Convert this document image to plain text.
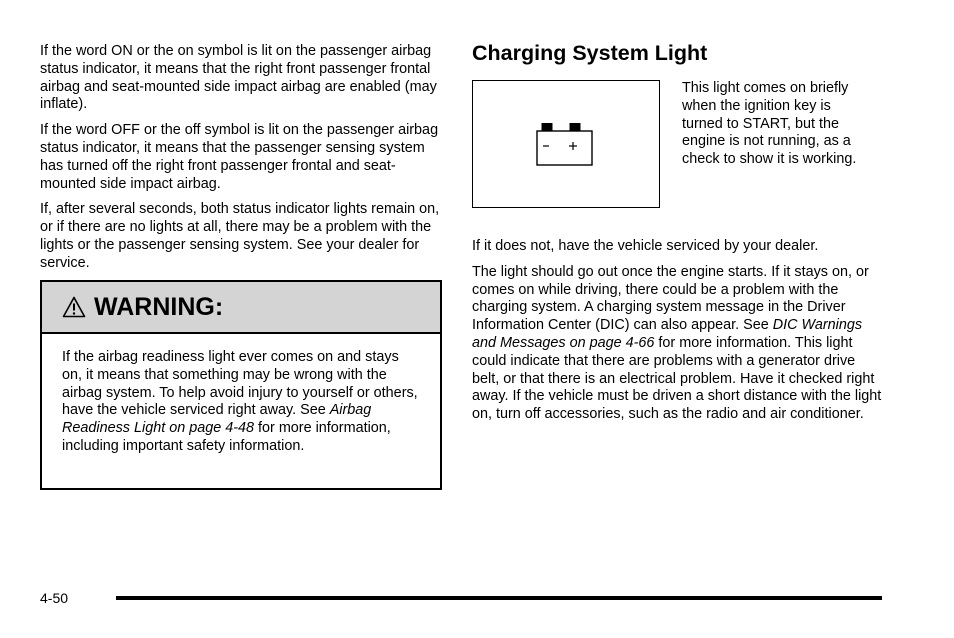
If the word ON or the on symbol is lit on the passenger airbag status indicator, it means that the right front passenger frontal airbag and seat-mounted side impact airbag are enabled (may inflate).

If the word OFF or the off symbol is lit on the passenger airbag status indicator, it means that the passenger sensing system has turned off the right front passenger frontal and seat-mounted side impact airbag.

If, after several seconds, both status indicator lights remain on, or if there are no lights at all, there may be a problem with the lights or the passenger sensing system. See your dealer for service.

WARNING:

If the airbag readiness light ever comes on and stays on, it means that something may be wrong with the airbag system. To help avoid injury to yourself or others, have the vehicle serviced right away. See Airbag Readiness Light on page 4-48 for more information, including important safety information.

Charging System Light

This light comes on briefly when the ignition key is turned to START, but the engine is not running, as a check to show it is working.

If it does not, have the vehicle serviced by your dealer.

The light should go out once the engine starts. If it stays on, or comes on while driving, there could be a problem with the charging system. A charging system message in the Driver Information Center (DIC) can also appear. See DIC Warnings and Messages on page 4-66 for more information. This light could indicate that there are problems with a generator drive belt, or that there is an electrical problem. Have it checked right away. If the vehicle must be driven a short distance with the light on, turn off accessories, such as the radio and air conditioner.

4-50
